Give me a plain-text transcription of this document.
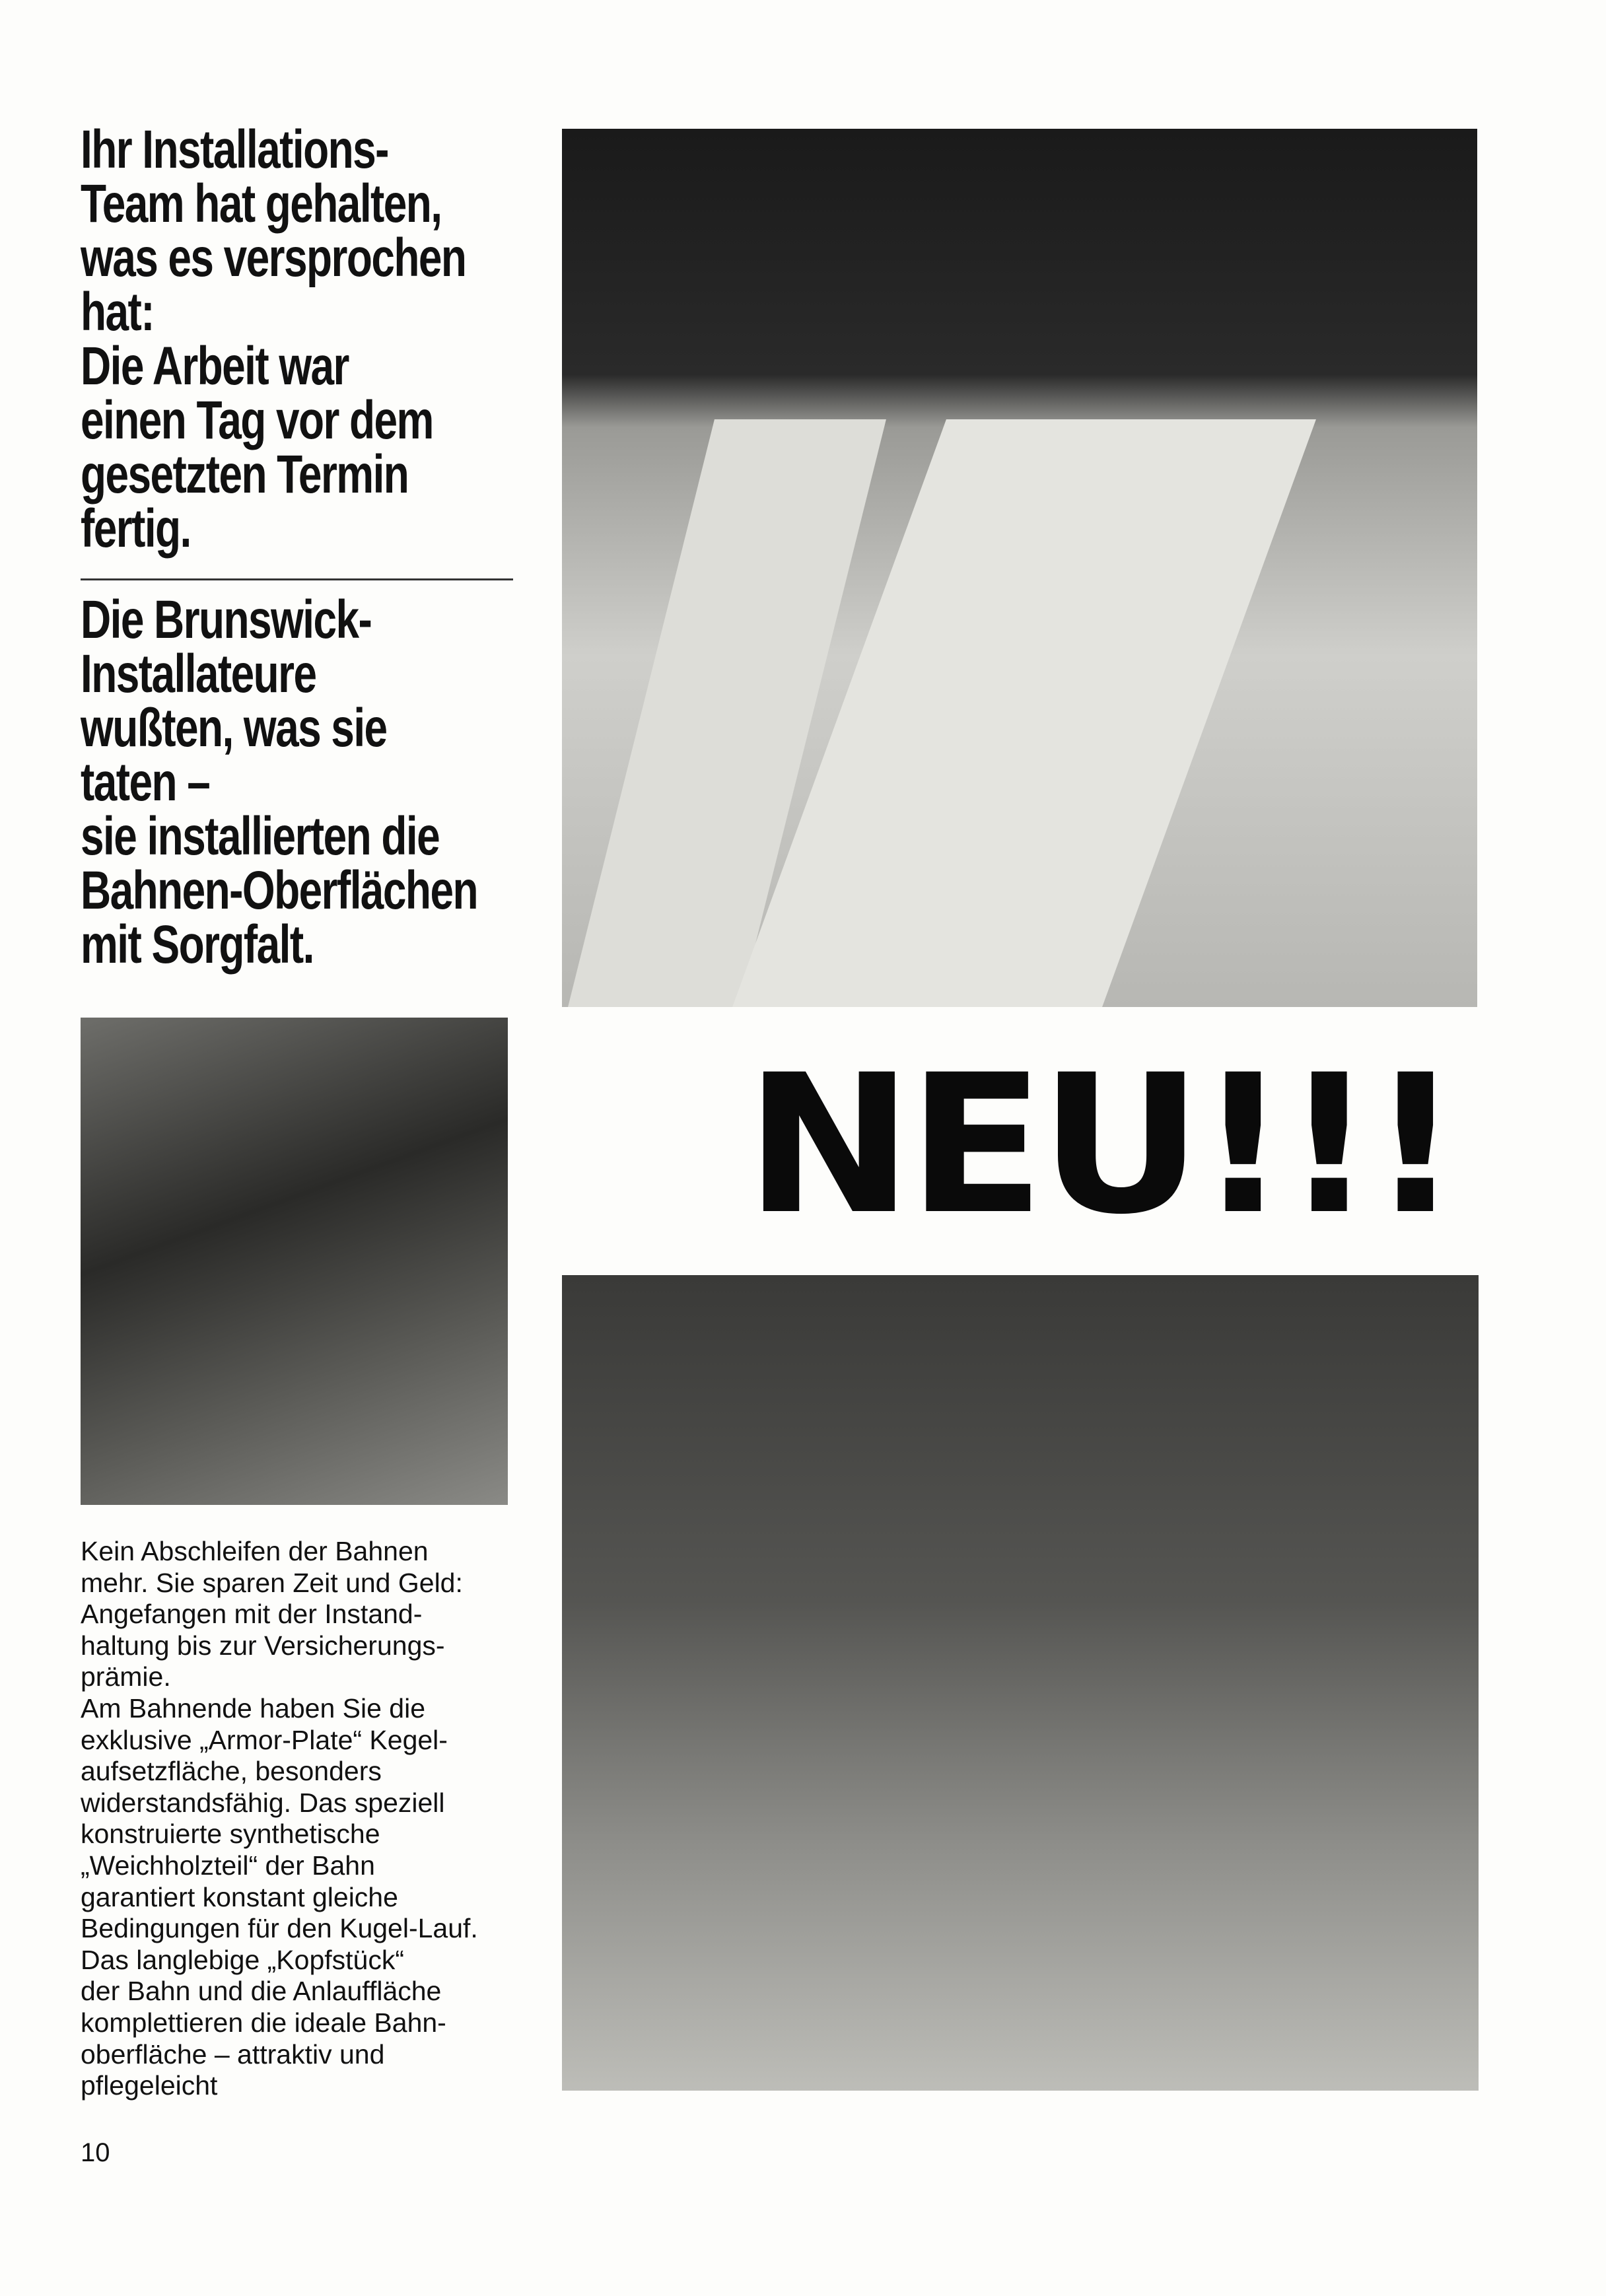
Ihr Installations-
Team hat gehalten,
was es versprochen
hat:
Die Arbeit war
einen Tag vor dem
gesetzten Termin
fertig.
Die Brunswick-
Installateure
wußten, was sie
taten –
sie installierten die
Bahnen-Oberflächen
mit Sorgfalt.
NEU!!!
Kein Abschleifen der Bahnen
mehr. Sie sparen Zeit und Geld:
Angefangen mit der Instand-
haltung bis zur Versicherungs-
prämie.
Am Bahnende haben Sie die
exklusive „Armor-Plate“ Kegel-
aufsetzfläche, besonders
widerstandsfähig. Das speziell
konstruierte synthetische
„Weichholzteil“ der Bahn
garantiert konstant gleiche
Bedingungen für den Kugel-Lauf.
Das langlebige „Kopfstück“
der Bahn und die Anlauffläche
komplettieren die ideale Bahn-
oberfläche – attraktiv und
pflegeleicht
10
